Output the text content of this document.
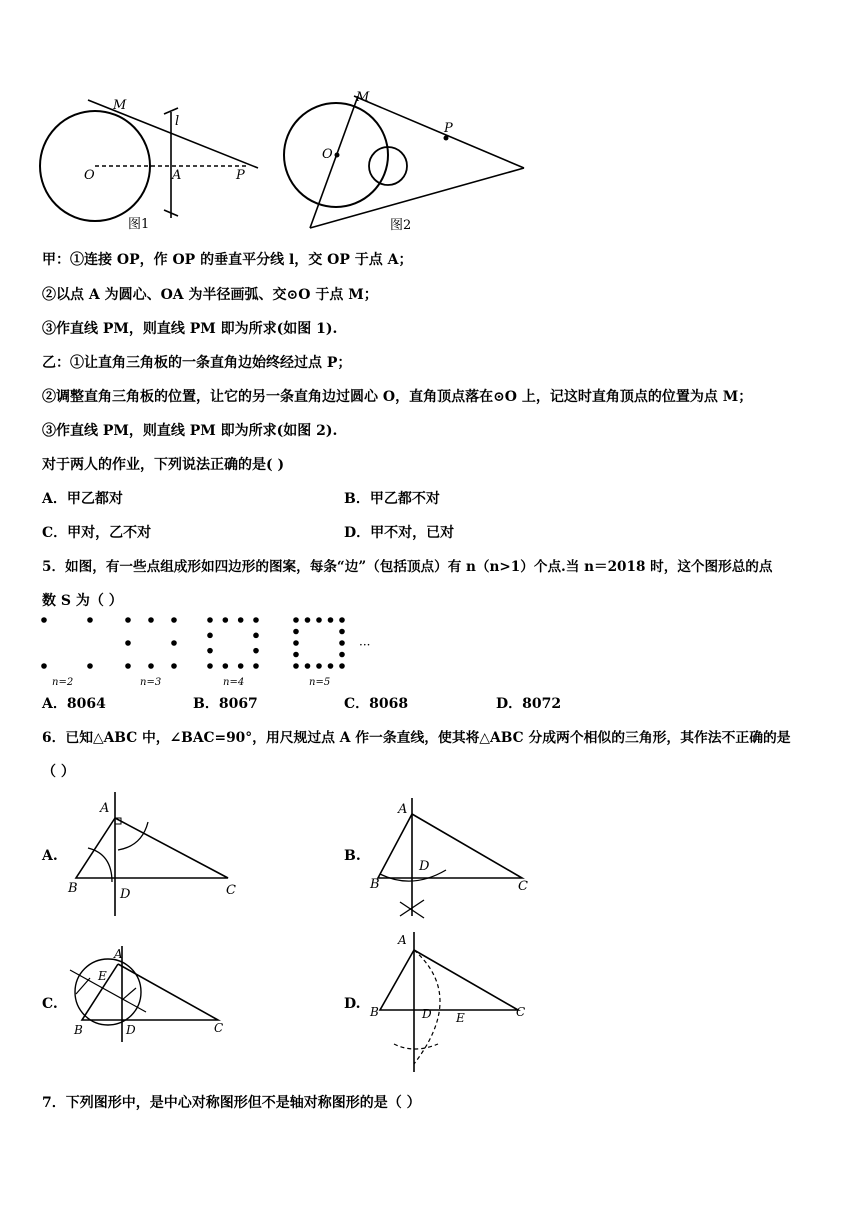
M
l
O	A	P
图1
M
P
O
图2
甲：①连接 OP，作 OP 的垂直平分线 l，交 OP 于点 A；
②以点 A 为圆心、OA 为半径画弧、交⊙O 于点 M；
③作直线 PM，则直线 PM 即为所求(如图 1).
乙：①让直角三角板的一条直角边始终经过点 P；
②调整直角三角板的位置，让它的另一条直角边过圆心 O，直角顶点落在⊙O 上，记这时直角顶点的位置为点 M；
③作直线 PM，则直线 PM 即为所求(如图 2).
对于两人的作业，下列说法正确的是( )
A．甲乙都对	B．甲乙都不对
C．甲对，乙不对	D．甲不对，已对
5．如图，有一些点组成形如四边形的图案，每条“边”（包括顶点）有 n（n>1）个点.当 n＝2018 时，这个图形总的点
数 S 为（ ）
···
n=2	n=3	n=4	n=5
A．8064	B．8067	C．8068	D．8072
6．已知△ABC 中，∠BAC=90°，用尺规过点 A 作一条直线，使其将△ABC 分成两个相似的三角形，其作法不正确的是
（ ）
A.	B.
C.	D.
A
B	D	C
A
B
D
C
A
E
B	D	C
A
B	D E	C
7．下列图形中，是中心对称图形但不是轴对称图形的是（ ）
